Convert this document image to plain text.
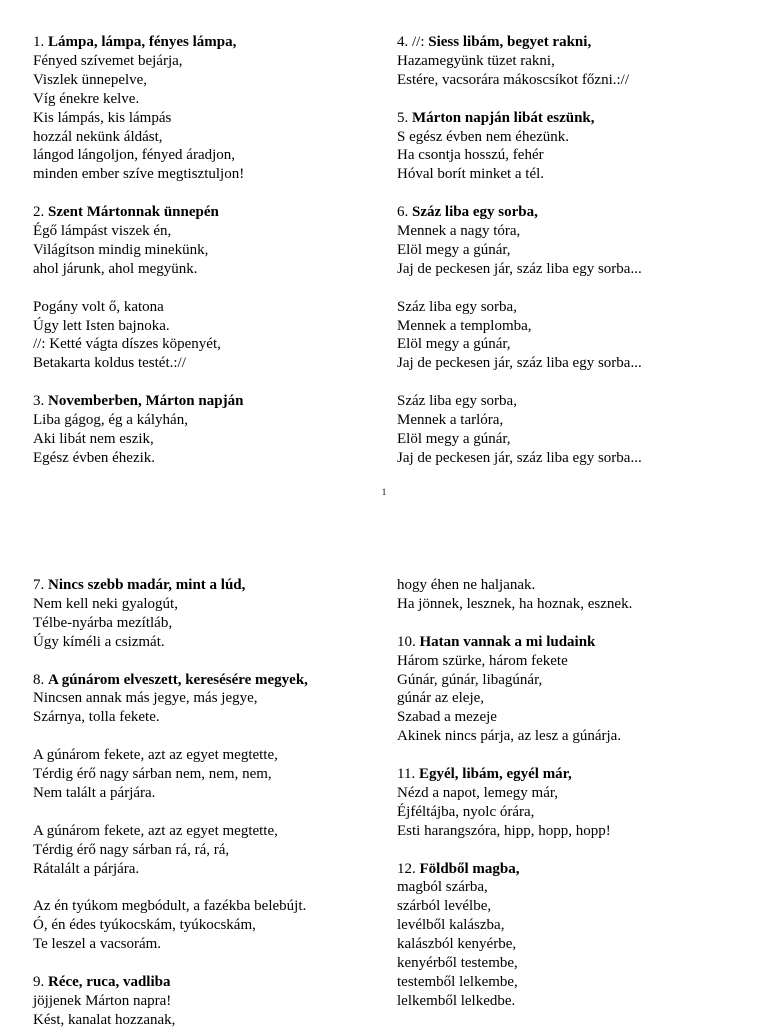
1. Lámpa, lámpa, fényes lámpa,
Fényed szívemet bejárja,
Viszlek ünnepelve,
Víg énekre kelve.
Kis lámpás, kis lámpás
hozzál nekünk áldást,
lángod lángoljon, fényed áradjon,
minden ember szíve megtisztuljon!
2. Szent Mártonnak ünnepén
Égő lámpást viszek én,
Világítson mindig minekünk,
ahol járunk, ahol megyünk.
Pogány volt ő, katona
Úgy lett Isten bajnoka.
//: Ketté vágta díszes köpenyét,
Betakarta koldus testét.://
3. Novemberben, Márton napján
Liba gágog, ég a kályhán,
Aki libát nem eszik,
Egész évben éhezik.
4. //: Siess libám, begyet rakni,
Hazamegyünk tüzet rakni,
Estére, vacsorára mákoscsíkot főzni.://
5. Márton napján libát eszünk,
S egész évben nem éhezünk.
Ha csontja hosszú, fehér
Hóval borít minket a tél.
6. Száz liba egy sorba,
Mennek a nagy tóra,
Elöl megy a gúnár,
Jaj de peckesen jár, száz liba egy sorba...
Száz liba egy sorba,
Mennek a templomba,
Elöl megy a gúnár,
Jaj de peckesen jár, száz liba egy sorba...
Száz liba egy sorba,
Mennek a tarlóra,
Elöl megy a gúnár,
Jaj de peckesen jár, száz liba egy sorba...
1
7. Nincs szebb madár, mint a lúd,
Nem kell neki gyalogút,
Télbe-nyárba mezítláb,
Úgy kíméli a csizmát.
8. A gúnárom elveszett, keresésére megyek,
Nincsen annak más jegye, más jegye,
Szárnya, tolla fekete.
A gúnárom fekete, azt az egyet megtette,
Térdig érő nagy sárban nem, nem, nem,
Nem talált a párjára.
A gúnárom fekete, azt az egyet megtette,
Térdig érő nagy sárban rá, rá, rá,
Rátalált a párjára.
Az én tyúkom megbódult, a fazékba belebújt.
Ó, én édes tyúkocskám, tyúkocskám,
Te leszel a vacsorám.
9. Réce, ruca, vadliba
jöjjenek Márton napra!
Kést, kanalat hozzanak,
hogy éhen ne haljanak.
Ha jönnek, lesznek, ha hoznak, esznek.
10. Hatan vannak a mi ludaink
Három szürke, három fekete
Gúnár, gúnár, libagúnár,
gúnár az eleje,
Szabad a mezeje
Akinek nincs párja, az lesz a gúnárja.
11. Egyél, libám, egyél már,
Nézd a napot, lemegy már,
Éjféltájba, nyolc órára,
Esti harangszóra, hipp, hopp, hopp!
12. Földből magba,
magból szárba,
szárból levélbe,
levélből kalászba,
kalászból kenyérbe,
kenyérből testembe,
testemből lelkembe,
lelkemből lelkedbe.
